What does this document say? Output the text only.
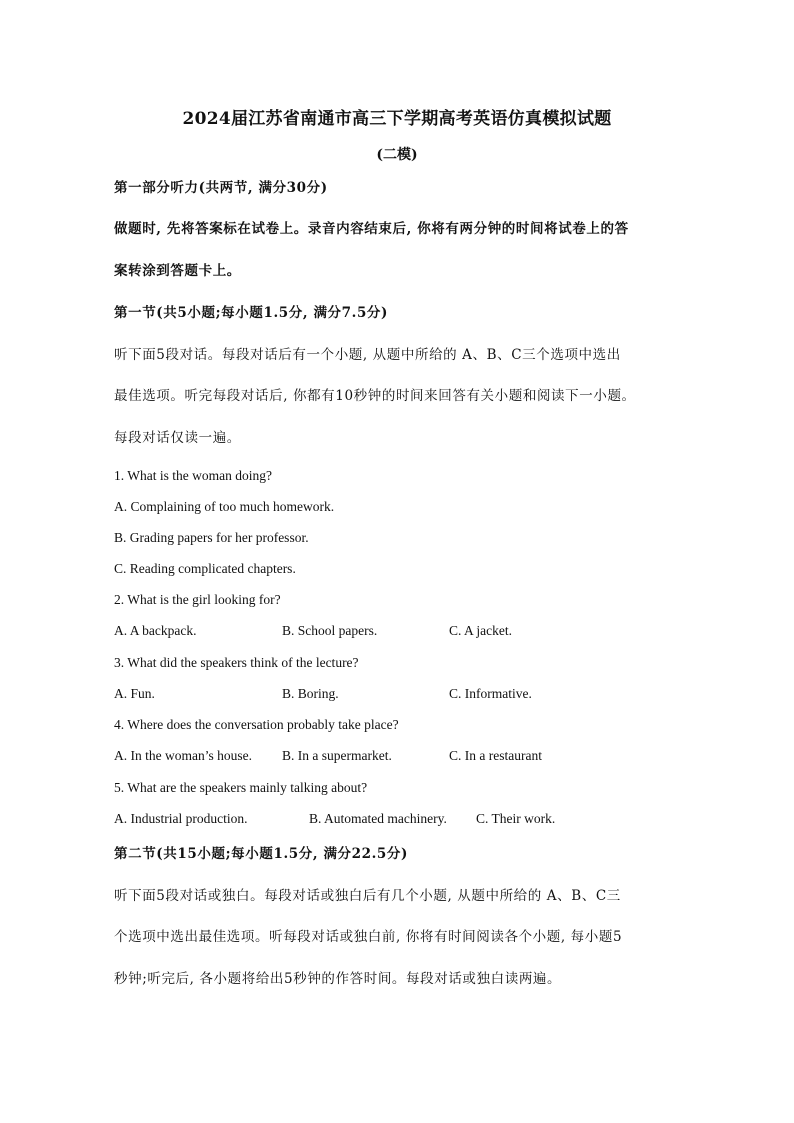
2024届江苏省南通市高三下学期高考英语仿真模拟试题
(二模)
第一部分听力(共两节, 满分30分)
做题时, 先将答案标在试卷上。录音内容结束后, 你将有两分钟的时间将试卷上的答
案转涂到答题卡上。
第一节(共5小题;每小题1.5分, 满分7.5分)
听下面5段对话。每段对话后有一个小题, 从题中所给的 A、B、C三个选项中选出
最佳选项。听完每段对话后, 你都有10秒钟的时间来回答有关小题和阅读下一小题。
每段对话仅读一遍。
1. What is the woman doing?
A. Complaining of too much homework.
B. Grading papers for her professor.
C. Reading complicated chapters.
2. What is the girl looking for?
A. A backpack.	B. School papers.	C. A jacket.
3. What did the speakers think of the lecture?
A. Fun.	B. Boring.	C. Informative.
4. Where does the conversation probably take place?
A. In the woman’s house. B. In a supermarket.	C. In a restaurant
5. What are the speakers mainly talking about?
A. Industrial production.	B. Automated machinery. C. Their work.
第二节(共15小题;每小题1.5分, 满分22.5分)
听下面5段对话或独白。每段对话或独白后有几个小题, 从题中所给的 A、B、C三
个选项中选出最佳选项。听每段对话或独白前, 你将有时间阅读各个小题, 每小题5
秒钟;听完后, 各小题将给出5秒钟的作答时间。每段对话或独白读两遍。
